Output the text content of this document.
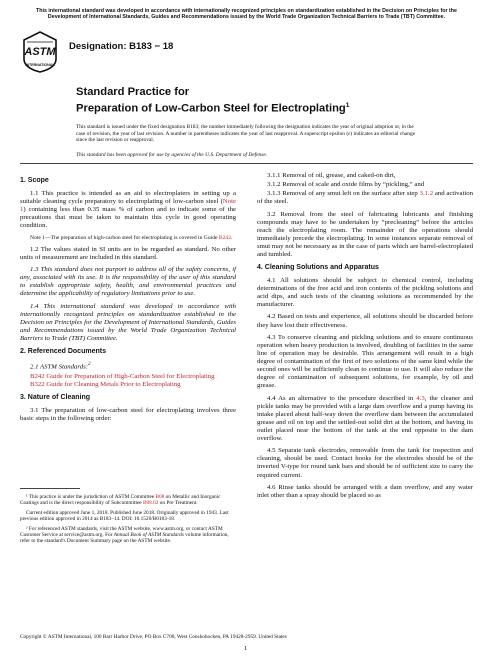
This international standard was developed in accordance with internationally recognized principles on standardization established in the Decision on Principles for the Development of International Standards, Guides and Recommendations issued by the World Trade Organization Technical Barriers to Trade (TBT) Committee.
ASTM
INTERNATIONAL
Designation: B183 − 18
Standard Practice for
Preparation of Low-Carbon Steel for Electroplating$^1$
This standard is issued under the fixed designation B183; the number immediately following the designation indicates the year of original adoption or, in the case of revision, the year of last revision. A number in parentheses indicates the year of last reapproval. A superscript epsilon (ε) indicates an editorial change since the last revision or reapproval.
This standard has been approved for use by agencies of the U.S. Department of Defense.
1. Scope

1.1 This practice is intended as an aid to electroplaters in setting up a suitable cleaning cycle preparatory to electroplating of low-carbon steel (Note 1) containing less than 0.35 mass % of carbon and to indicate some of the precautions that must be taken to maintain this cycle in good operating condition.

Note 1—The preparation of high-carbon steel for electroplating is covered in Guide B242.

1.2 The values stated in SI units are to be regarded as standard. No other units of measurement are included in this standard.

1.3 This standard does not purport to address all of the safety concerns, if any, associated with its use. It is the responsibility of the user of this standard to establish appropriate safety, health, and environmental practices and determine the applicability of regulatory limitations prior to use.

1.4 This international standard was developed in accordance with internationally recognized principles on standardization established in the Decision on Principles for the Development of International Standards, Guides and Recommendations issued by the World Trade Organization Technical Barriers to Trade (TBT) Committee.

2. Referenced Documents

2.1 ASTM Standards:$^2$

B242 Guide for Preparation of High-Carbon Steel for Electroplating
B322 Guide for Cleaning Metals Prior to Electroplating
3. Nature of Cleaning

3.1 The preparation of low-carbon steel for electroplating involves three basic steps in the following order:

¹ This practice is under the jurisdiction of ASTM Committee B08 on Metallic and Inorganic Coatings and is the direct responsibility of Subcommittee B08.02 on Pre Treatment.

Current edition approved June 1, 2018. Published June 2018. Originally approved in 1943. Last previous edition approved in 2014 as B183–14. DOI: 10.1520/B0183-18.

² For referenced ASTM standards, visit the ASTM website, www.astm.org, or contact ASTM Customer Service at service@astm.org. For Annual Book of ASTM Standards volume information, refer to the standard's Document Summary page on the ASTM website.

3.1.1 Removal of oil, grease, and caked-on dirt,

3.1.2 Removal of scale and oxide films by “pickling,” and

3.1.3 Removal of any smut left on the surface after step 3.1.2 and activation of the steel.

3.2 Removal from the steel of fabricating lubricants and finishing compounds may have to be undertaken by “precleaning” before the articles reach the electroplating room. The remainder of the operations should immediately precede the electroplating. In some instances separate removal of smut may not be necessary as in the case of parts which are barrel-electroplated and tumbled.

4. Cleaning Solutions and Apparatus

4.1 All solutions should be subject to chemical control, including determinations of the free acid and iron contents of the pickling solutions and acid dips, and such tests of the cleaning solutions as recommended by the manufacturer.

4.2 Based on tests and experience, all solutions should be discarded before they have lost their effectiveness.

4.3 To conserve cleaning and pickling solutions and to ensure continuous operation when heavy production is involved, doubling of facilities in the same line of operation may be desirable. This arrangement will result in a high degree of contamination of the first of two solutions of the same kind while the second ones will be sufficiently clean to continue to use. It will also reduce the degree of contamination of subsequent solutions, for example, by oil and grease.

4.4 As an alternative to the procedure described in 4.3, the cleaner and pickle tanks may be provided with a large dam overflow and a pump having its intake placed about half-way down the overflow dam between the accumulated grease and oil on top and the settled-out solid dirt at the bottom, and having its outlet placed near the bottom of the tank at the end opposite to the dam overflow.

4.5 Separate tank electrodes, removable from the tank for inspection and cleaning, should be used. Contact hooks for the electrodes should be of the inverted V-type for round tank bars and should be of sufficient size to carry the required current.

4.6 Rinse tanks should be arranged with a dam overflow, and any water inlet other than a spray should be placed so as

Copyright © ASTM International, 100 Barr Harbor Drive, PO Box C700, West Conshohocken, PA 19428-2959. United States
1
